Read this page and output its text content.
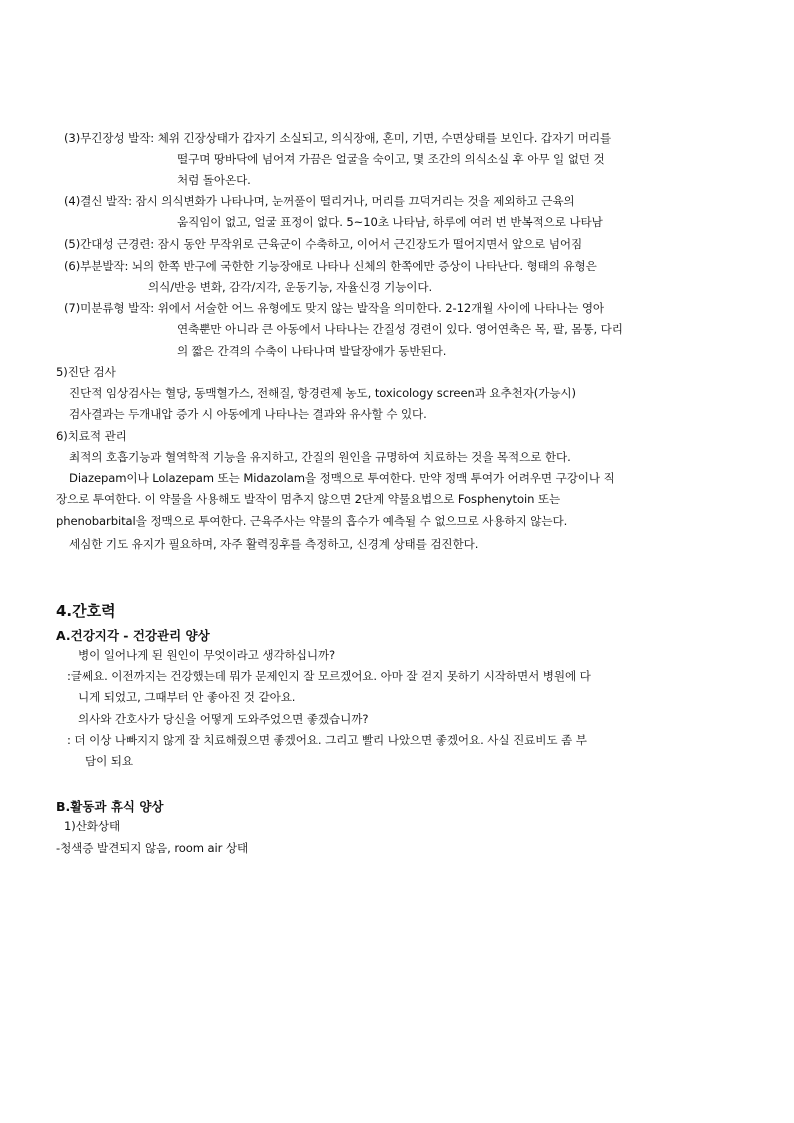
(3)무긴장성 발작: 체위 긴장상태가 갑자기 소실되고, 의식장애, 혼미, 기면, 수면상태를 보인다. 갑자기 머리를
떨구며 땅바닥에 넘어져 가끔은 얼굴을 숙이고, 몇 조간의 의식소실 후 아무 일 없던 것
처럼 돌아온다.
(4)결신 발작: 잠시 의식변화가 나타나며, 눈꺼풀이 떨리거나, 머리를 끄덕거리는 것을 제외하고 근육의
움직임이 없고, 얼굴 표정이 없다. 5~10초 나타남, 하루에 여러 번 반복적으로 나타남
(5)간대성 근경련: 잠시 동안 무작위로 근육군이 수축하고, 이어서 근긴장도가 떨어지면서 앞으로 넘어짐
(6)부분발작: 뇌의 한쪽 반구에 국한한 기능장애로 나타나 신체의 한쪽에만 증상이 나타난다. 형태의 유형은
의식/반응 변화, 감각/지각, 운동기능, 자율신경 기능이다.
(7)미분류형 발작: 위에서 서술한 어느 유형에도 맞지 않는 발작을 의미한다. 2-12개월 사이에 나타나는 영아
연축뿐만 아니라 큰 아동에서 나타나는 간질성 경련이 있다. 영어연축은 목, 팔, 몸통, 다리
의 짧은 간격의 수축이 나타나며 발달장애가 동반된다.
5)진단 검사
진단적 임상검사는 혈당, 동맥혈가스, 전해질, 항경련제 농도, toxicology screen과 요추천자(가능시)
검사결과는 두개내압 증가 시 아동에게 나타나는 결과와 유사할 수 있다.
6)치료적 관리
최적의 호흡기능과 혈역학적 기능을 유지하고, 간질의 원인을 규명하여 치료하는 것을 목적으로 한다.
Diazepam이나 Lolazepam 또는 Midazolam을 정맥으로 투여한다. 만약 정맥 투여가 어려우면 구강이나 직
장으로 투여한다. 이 약물을 사용해도 발작이 멈추지 않으면 2단계 약물요법으로 Fosphenytoin 또는
phenobarbital을 정맥으로 투여한다. 근육주사는 약물의 흡수가 예측될 수 없으므로 사용하지 않는다.
세심한 기도 유지가 필요하며, 자주 활력징후를 측정하고, 신경계 상태를 검진한다.
4.간호력
A.건강지각 - 건강관리 양상
병이 일어나게 된 원인이 무엇이라고 생각하십니까?
:글쎄요. 이전까지는 건강했는데 뭐가 문제인지 잘 모르겠어요. 아마 잘 걷지 못하기 시작하면서 병원에 다
니게 되었고, 그때부터 안 좋아진 것 같아요.
의사와 간호사가 당신을 어떻게 도와주었으면 좋겠습니까?
: 더 이상 나빠지지 않게 잘 치료해줬으면 좋겠어요. 그리고 빨리 나았으면 좋겠어요. 사실 진료비도 좀 부
담이 되요
B.활동과 휴식 양상
1)산화상태
-청색증 발견되지 않음, room air 상태
